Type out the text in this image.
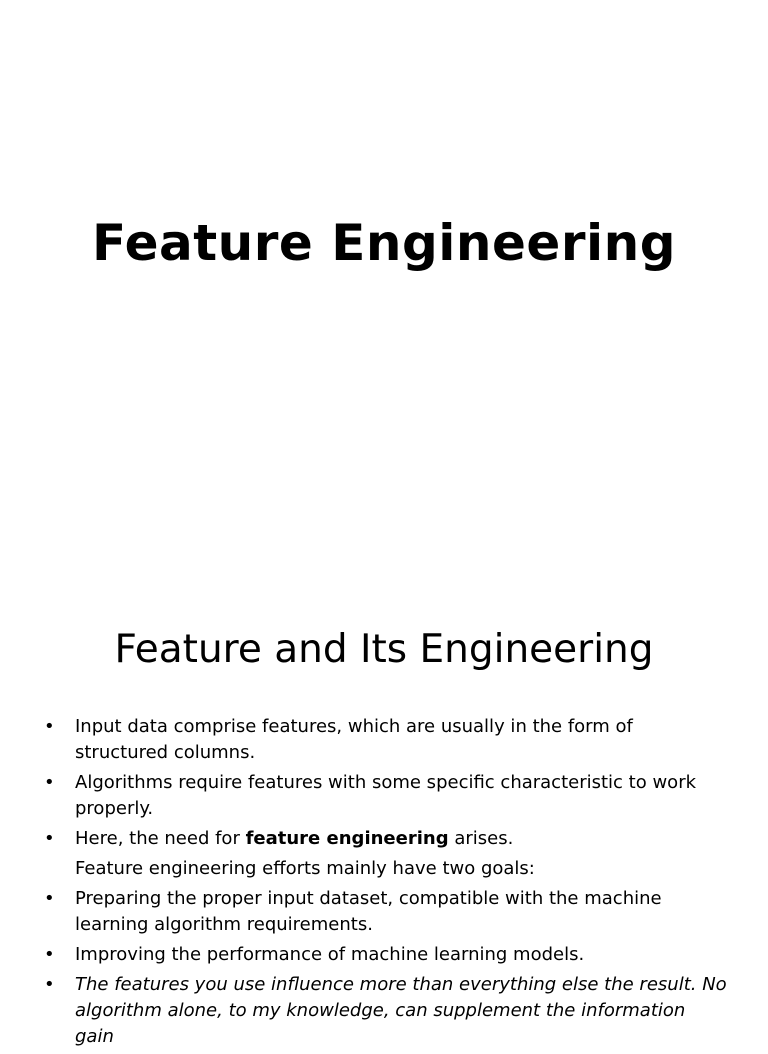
Feature Engineering
Feature and Its Engineering
• Input data comprise features, which are usually in the form of structured columns.
• Algorithms require features with some specific characteristic to work properly.
• Here, the need for feature engineering arises.
Feature engineering efforts mainly have two goals:
• Preparing the proper input dataset, compatible with the machine learning algorithm requirements.
• Improving the performance of machine learning models.
• The features you use influence more than everything else the result. No algorithm alone, to my knowledge, can supplement the information gain
